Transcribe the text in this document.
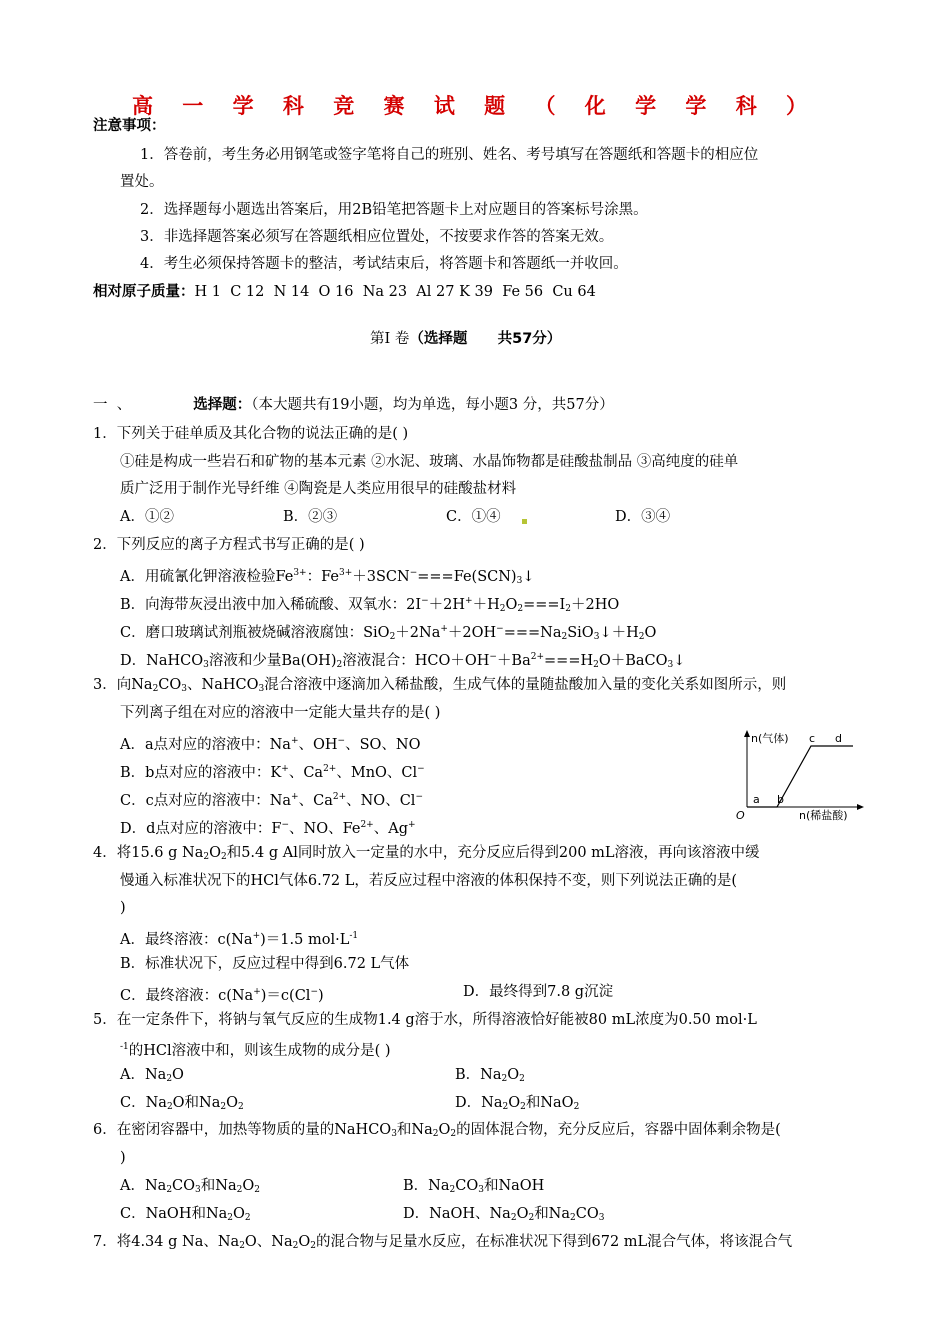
高 一 学 科 竞 赛 试 题 （ 化 学 学 科 ）
注意事项：
1．答卷前，考生务必用钢笔或签字笔将自己的班别、姓名、考号填写在答题纸和答题卡的相应位
置处。
2．选择题每小题选出答案后，用2B铅笔把答题卡上对应题目的答案标号涂黑。
3．非选择题答案必须写在答题纸相应位置处，不按要求作答的答案无效。
4．考生必须保持答题卡的整洁，考试结束后，将答题卡和答题纸一并收回。
相对原子质量：H 1  C 12  N 14  O 16  Na 23  Al 27 K 39  Fe 56  Cu 64
第I 卷（选择题      共57分）
一  、	选择题：（本大题共有19小题，均为单选，每小题3 分，共57分）
1．下列关于硅单质及其化合物的说法正确的是( )
①硅是构成一些岩石和矿物的基本元素 ②水泥、玻璃、水晶饰物都是硅酸盐制品 ③高纯度的硅单
质广泛用于制作光导纤维 ④陶瓷是人类应用很早的硅酸盐材料
A．①②	B．②③	C．①④	D．③④
2．下列反应的离子方程式书写正确的是( )
A．用硫氰化钾溶液检验$Fe^{3+}$：$Fe^{3+}+3SCN^-===Fe(SCN)_3↓$
B．向海带灰浸出液中加入稀硫酸、双氧水：$2I^-+2H^++H_2O_2===I_2+2HO$
C．磨口玻璃试剂瓶被烧碱溶液腐蚀：$SiO_2+2Na^++2OH^-===Na_2SiO_3↓+H_2O$
D．NaHCO$_3$溶液和少量$Ba(OH)_2$溶液混合：$HCO+OH^-+Ba^{2+}===H_2O+BaCO_3↓$
3．向$Na_2CO_3$、NaHCO$_3$混合溶液中逐滴加入稀盐酸，生成气体的量随盐酸加入量的变化关系如图所示，则
下列离子组在对应的溶液中一定能大量共存的是( )
A．a点对应的溶液中：Na+、OH−、SO、NO
B．b点对应的溶液中：K+、$Ca^{2+}$、MnO、Cl−
C．c点对应的溶液中：Na+、$Ca^{2+}$、NO、Cl−
D．d点对应的溶液中：F−、NO、$Fe^{2+}$、Ag+
n(气体)
n(稀盐酸)
O
a b
c d
4．将15.6 g $Na_2O_2$和5.4 g Al同时放入一定量的水中，充分反应后得到200 mL溶液，再向该溶液中缓
慢通入标准状况下的HCl气体6.72 L，若反应过程中溶液的体积保持不变，则下列说法正确的是(
)
A．最终溶液：c(Na+)＝1.5 $mol\cdot L^{-1}$
B．标准状况下，反应过程中得到6.72 L气体
C．最终溶液：c(Na+)＝c(Cl−)	D．最终得到7.8 g沉淀
5．在一定条件下，将钠与氧气反应的生成物1.4 g溶于水，所得溶液恰好能被80 mL浓度为0.50 mol·L
$^{-1}$的HCl溶液中和，则该生成物的成分是( )
A．$Na_2O$	B．$Na_2O_2$
C．$Na_2O$和$Na_2O_2$	D．$Na_2O_2$和NaO$_2$
6．在密闭容器中，加热等物质的量的NaHCO$_3$和$Na_2O_2$的固体混合物，充分反应后，容器中固体剩余物是(
)
A．$Na_2CO_3$和$Na_2O_2$	B．$Na_2CO_3$和NaOH
C．NaOH和$Na_2O_2$	D．NaOH、$Na_2O_2$和$Na_2CO_3$
7．将4.34 g Na、$Na_2O$、$Na_2O_2$的混合物与足量水反应，在标准状况下得到672 mL混合气体，将该混合气
